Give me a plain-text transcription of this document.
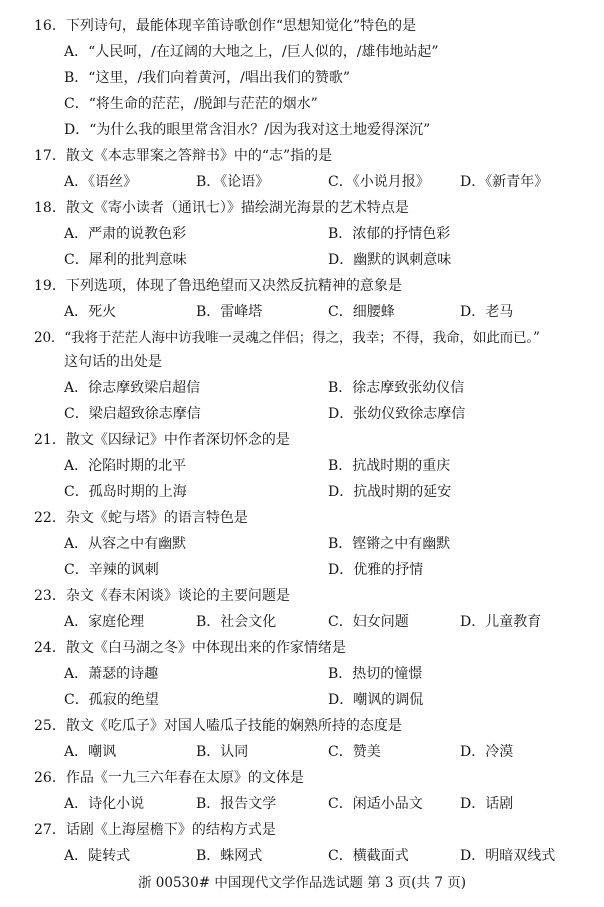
16．下列诗句，最能体现辛笛诗歌创作“思想知觉化”特色的是
A．“人民呵，/在辽阔的大地之上，/巨人似的，/雄伟地站起”
B．“这里，/我们向着黄河，/唱出我们的赞歌”
C．“将生命的茫茫，/脱卸与茫茫的烟水”
D．“为什么我的眼里常含泪水？/因为我对这土地爱得深沉”
17．散文《本志罪案之答辩书》中的“志”指的是
A．《语丝》	B．《论语》	C．《小说月报》 D．《新青年》
18．散文《寄小读者（通讯七）》描绘湖光海景的艺术特点是
A．严肃的说教色彩	B．浓郁的抒情色彩
C．犀利的批判意味	D．幽默的讽刺意味
19．下列选项，体现了鲁迅绝望而又决然反抗精神的意象是
A．死火	B．雷峰塔	C．细腰蜂	D．老马
20．“我将于茫茫人海中访我唯一灵魂之伴侣；得之，我幸；不得，我命，如此而已。”
这句话的出处是
A．徐志摩致梁启超信	B．徐志摩致张幼仪信
C．梁启超致徐志摩信	D．张幼仪致徐志摩信
21．散文《囚绿记》中作者深切怀念的是
A．沦陷时期的北平	B．抗战时期的重庆
C．孤岛时期的上海	D．抗战时期的延安
22．杂文《蛇与塔》的语言特色是
A．从容之中有幽默	B．铿锵之中有幽默
C．辛辣的讽刺	D．优雅的抒情
23．杂文《春末闲谈》谈论的主要问题是
A．家庭伦理	B．社会文化	C．妇女问题	D．儿童教育
24．散文《白马湖之冬》中体现出来的作家情绪是
A．萧瑟的诗趣	B．热切的憧憬
C．孤寂的绝望	D．嘲讽的调侃
25．散文《吃瓜子》对国人嗑瓜子技能的娴熟所持的态度是
A．嘲讽	B．认同	C．赞美	D．冷漠
26．作品《一九三六年春在太原》的文体是
A．诗化小说	B．报告文学	C．闲适小品文	D．话剧
27．话剧《上海屋檐下》的结构方式是
A．陡转式	B．蛛网式	C．横截面式	D．明暗双线式
浙 00530# 中国现代文学作品选试题 第 3 页(共 7 页)
